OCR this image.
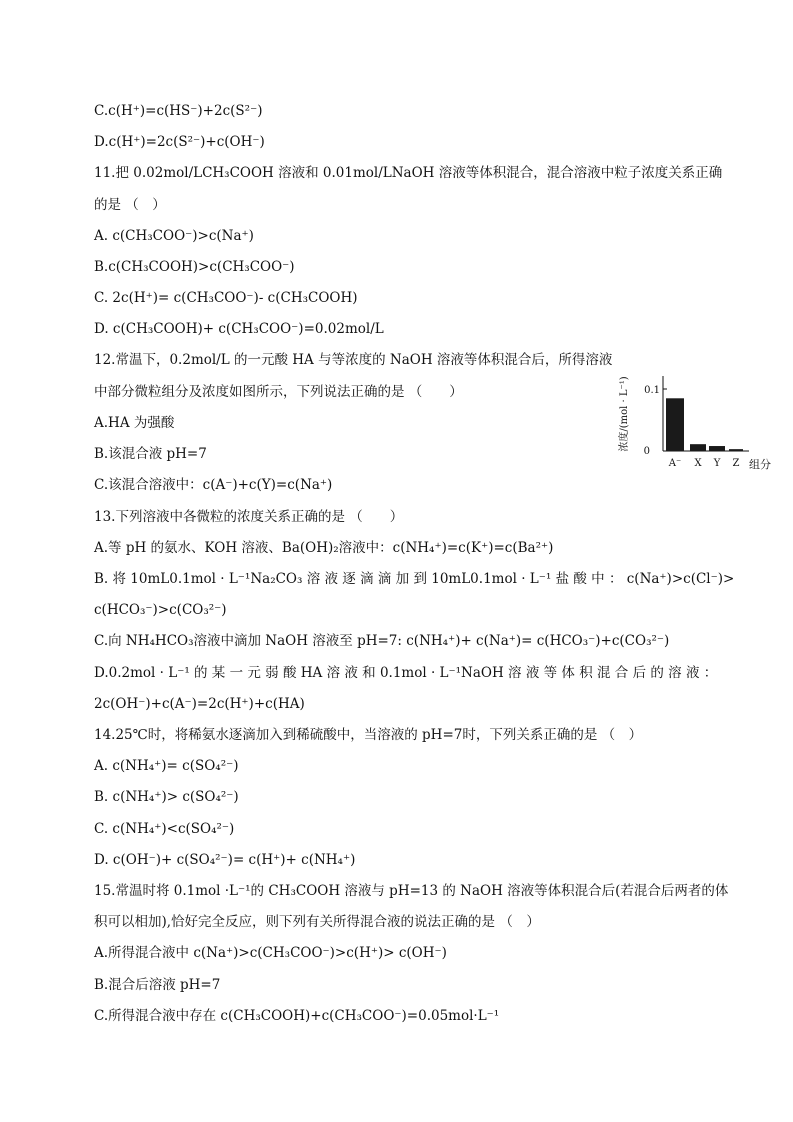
C.c(H⁺)=c(HS⁻)+2c(S²⁻)
D.c(H⁺)=2c(S²⁻)+c(OH⁻)
11.把 0.02mol/LCH₃COOH 溶液和 0.01mol/LNaOH 溶液等体积混合，混合溶液中粒子浓度关系正确
的是 （　）
A. c(CH₃COO⁻)>c(Na⁺)
B.c(CH₃COOH)>c(CH₃COO⁻)
C. 2c(H⁺)= c(CH₃COO⁻)- c(CH₃COOH)
D. c(CH₃COOH)+ c(CH₃COO⁻)=0.02mol/L
12.常温下，0.2mol/L 的一元酸 HA 与等浓度的 NaOH 溶液等体积混合后，所得溶液
中部分微粒组分及浓度如图所示，下列说法正确的是 （　　）
A.HA 为强酸
B.该混合液 pH=7
C.该混合溶液中：c(A⁻)+c(Y)=c(Na⁺)
13.下列溶液中各微粒的浓度关系正确的是 （　　）
A.等 pH 的氨水、KOH 溶液、Ba(OH)₂溶液中：c(NH₄⁺)=c(K⁺)=c(Ba²⁺)
B. 将 10mL0.1mol · L⁻¹Na₂CO₃ 溶 液 逐 滴 滴 加 到 10mL0.1mol · L⁻¹ 盐 酸 中 ： c(Na⁺)>c(Cl⁻)>
c(HCO₃⁻)>c(CO₃²⁻)
C.向 NH₄HCO₃溶液中滴加 NaOH 溶液至 pH=7: c(NH₄⁺)+ c(Na⁺)= c(HCO₃⁻)+c(CO₃²⁻)
D.0.2mol · L⁻¹ 的 某 一 元 弱 酸 HA 溶 液 和 0.1mol · L⁻¹NaOH 溶 液 等 体 积 混 合 后 的 溶 液 ：
2c(OH⁻)+c(A⁻)=2c(H⁺)+c(HA)
14.25℃时，将稀氨水逐滴加入到稀硫酸中，当溶液的 pH=7时，下列关系正确的是 （　）
A. c(NH₄⁺)= c(SO₄²⁻)
B. c(NH₄⁺)> c(SO₄²⁻)
C. c(NH₄⁺)<c(SO₄²⁻)
D. c(OH⁻)+ c(SO₄²⁻)= c(H⁺)+ c(NH₄⁺)
15.常温时将 0.1mol ·L⁻¹的 CH₃COOH 溶液与 pH=13 的 NaOH 溶液等体积混合后(若混合后两者的体
积可以相加),恰好完全反应，则下列有关所得混合液的说法正确的是 （　）
A.所得混合液中 c(Na⁺)>c(CH₃COO⁻)>c(H⁺)> c(OH⁻)
B.混合后溶液 pH=7
C.所得混合液中存在 c(CH₃COOH)+c(CH₃COO⁻)=0.05mol·L⁻¹
浓度/(mol · L⁻¹) 0.1
0
组分
A⁻ X Y Z
